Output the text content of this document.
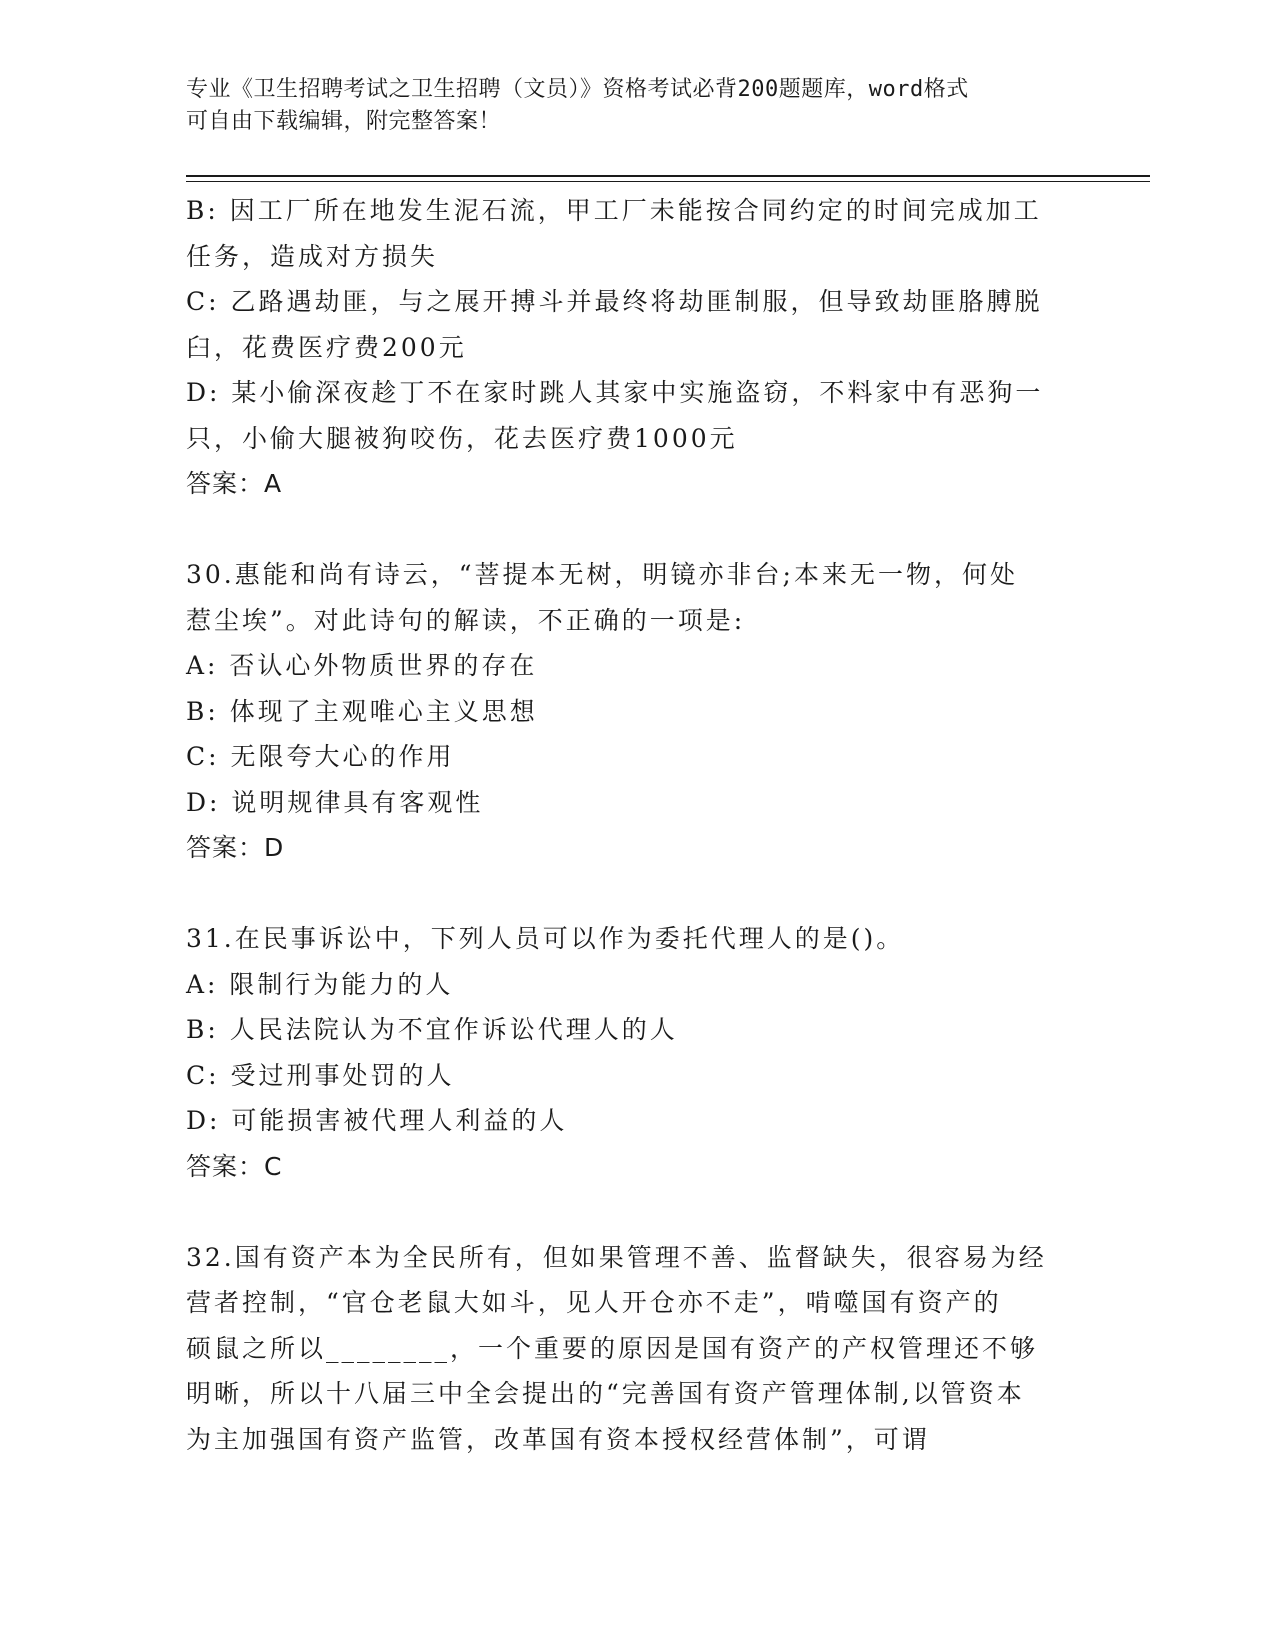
专业《卫生招聘考试之卫生招聘（文员）》资格考试必背200题题库，word格式
可自由下载编辑，附完整答案！
B: 因工厂所在地发生泥石流，甲工厂未能按合同约定的时间完成加工
任务，造成对方损失
C: 乙路遇劫匪，与之展开搏斗并最终将劫匪制服，但导致劫匪胳膊脱
臼，花费医疗费200元
D: 某小偷深夜趁丁不在家时跳人其家中实施盗窃，不料家中有恶狗一
只，小偷大腿被狗咬伤，花去医疗费1000元
答案：A
30.惠能和尚有诗云，“菩提本无树，明镜亦非台;本来无一物，何处
惹尘埃”。对此诗句的解读，不正确的一项是:
A: 否认心外物质世界的存在
B: 体现了主观唯心主义思想
C: 无限夸大心的作用
D: 说明规律具有客观性
答案：D
31.在民事诉讼中，下列人员可以作为委托代理人的是()。
A: 限制行为能力的人
B: 人民法院认为不宜作诉讼代理人的人
C: 受过刑事处罚的人
D: 可能损害被代理人利益的人
答案：C
32.国有资产本为全民所有，但如果管理不善、监督缺失，很容易为经
营者控制，“官仓老鼠大如斗，见人开仓亦不走”，啃噬国有资产的
硕鼠之所以________，一个重要的原因是国有资产的产权管理还不够
明晰，所以十八届三中全会提出的“完善国有资产管理体制,以管资本
为主加强国有资产监管，改革国有资本授权经营体制”，可谓
